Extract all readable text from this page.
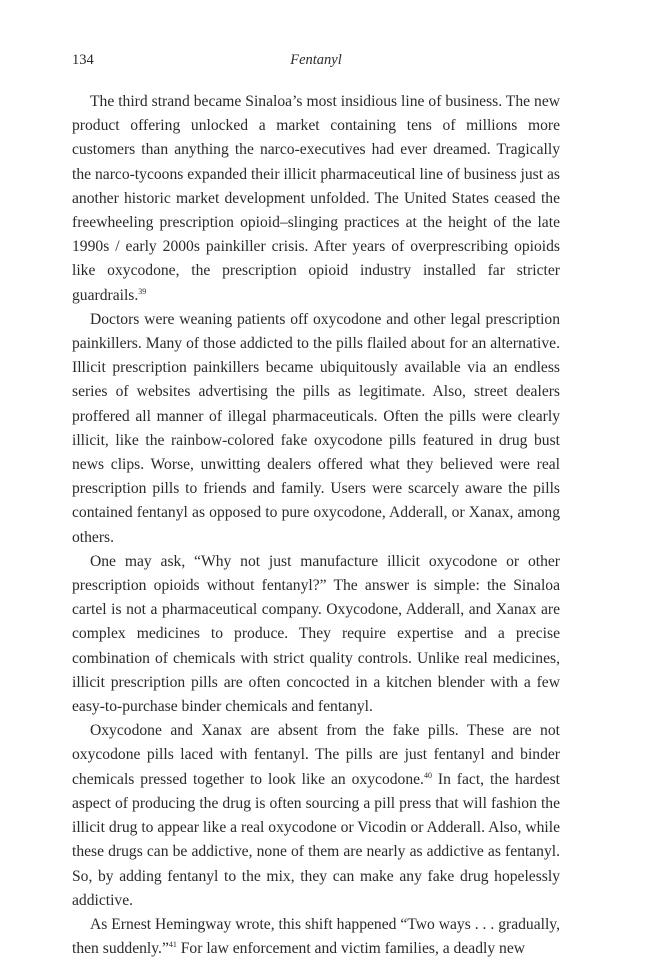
134	Fentanyl

The third strand became Sinaloa’s most insidious line of business. The new product offering unlocked a market containing tens of millions more customers than anything the narco-executives had ever dreamed. Tragically the narco-tycoons expanded their illicit pharmaceutical line of business just as another historic market development unfolded. The United States ceased the freewheeling prescription opioid–slinging practices at the height of the late 1990s / early 2000s painkiller crisis. After years of overprescribing opioids like oxycodone, the prescription opioid industry installed far stricter guardrails.$^{39}$

Doctors were weaning patients off oxycodone and other legal prescription painkillers. Many of those addicted to the pills flailed about for an alternative. Illicit prescription painkillers became ubiquitously available via an endless series of websites advertising the pills as legitimate. Also, street dealers proffered all manner of illegal pharmaceuticals. Often the pills were clearly illicit, like the rainbow-colored fake oxycodone pills featured in drug bust news clips. Worse, unwitting dealers offered what they believed were real prescription pills to friends and family. Users were scarcely aware the pills contained fentanyl as opposed to pure oxycodone, Adderall, or Xanax, among others.

One may ask, “Why not just manufacture illicit oxycodone or other prescription opioids without fentanyl?” The answer is simple: the Sinaloa cartel is not a pharmaceutical company. Oxycodone, Adderall, and Xanax are complex medicines to produce. They require expertise and a precise combination of chemicals with strict quality controls. Unlike real medicines, illicit prescription pills are often concocted in a kitchen blender with a few easy-to-purchase binder chemicals and fentanyl.

Oxycodone and Xanax are absent from the fake pills. These are not oxycodone pills laced with fentanyl. The pills are just fentanyl and binder chemicals pressed together to look like an oxycodone.$^{40}$ In fact, the hardest aspect of producing the drug is often sourcing a pill press that will fashion the illicit drug to appear like a real oxycodone or Vicodin or Adderall. Also, while these drugs can be addictive, none of them are nearly as addictive as fentanyl. So, by adding fentanyl to the mix, they can make any fake drug hopelessly addictive.

As Ernest Hemingway wrote, this shift happened “Two ways . . . gradually, then suddenly.”$^{41}$ For law enforcement and victim families, a deadly new
